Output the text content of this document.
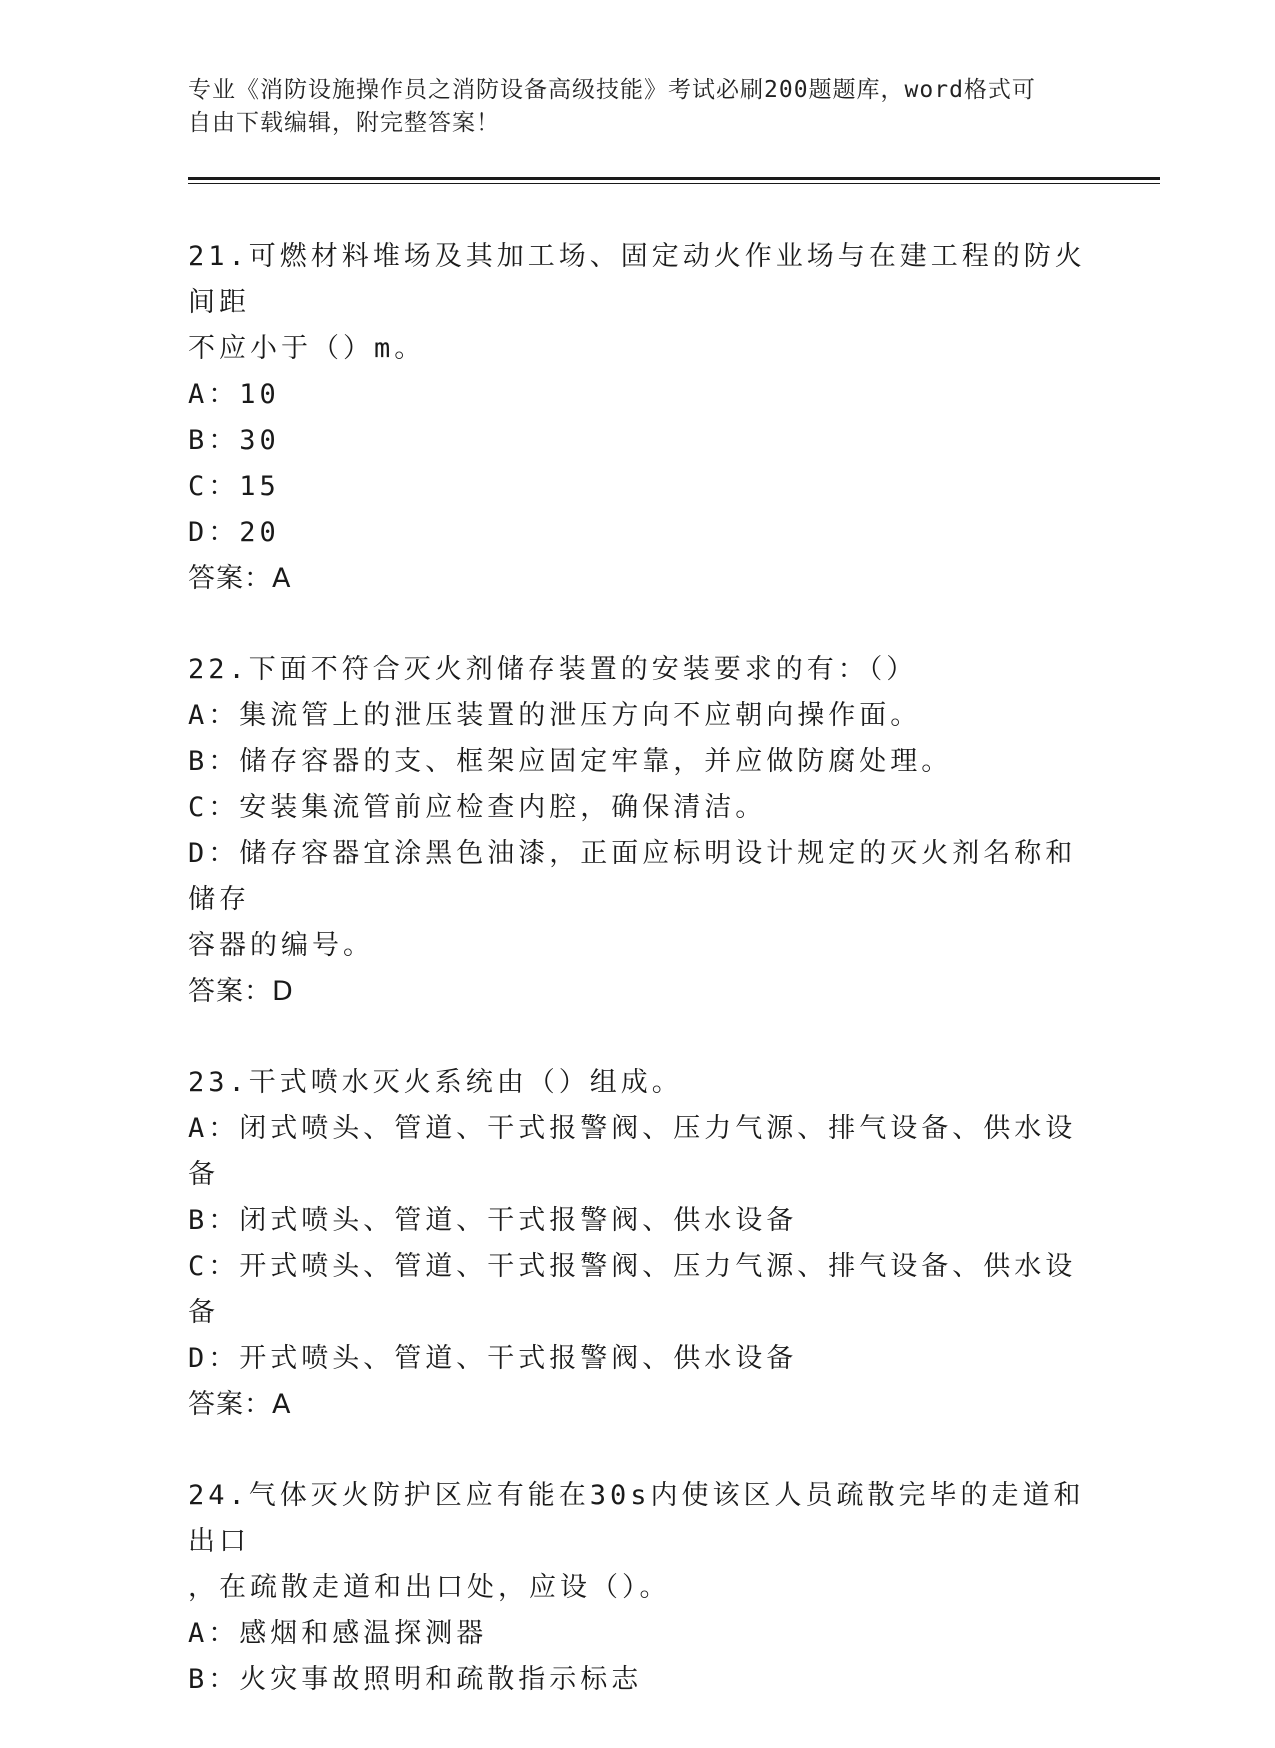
专业《消防设施操作员之消防设备高级技能》考试必刷200题题库，word格式可
自由下载编辑，附完整答案！
21.可燃材料堆场及其加工场、固定动火作业场与在建工程的防火间距
不应小于（）m。
A：10
B：30
C：15
D：20
答案：A
22.下面不符合灭火剂储存装置的安装要求的有：（）
A：集流管上的泄压装置的泄压方向不应朝向操作面。
B：储存容器的支、框架应固定牢靠，并应做防腐处理。
C：安装集流管前应检查内腔，确保清洁。
D：储存容器宜涂黑色油漆，正面应标明设计规定的灭火剂名称和储存
容器的编号。
答案：D
23.干式喷水灭火系统由（）组成。
A：闭式喷头、管道、干式报警阀、压力气源、排气设备、供水设备
B：闭式喷头、管道、干式报警阀、供水设备
C：开式喷头、管道、干式报警阀、压力气源、排气设备、供水设备
D：开式喷头、管道、干式报警阀、供水设备
答案：A
24.气体灭火防护区应有能在30s内使该区人员疏散完毕的走道和出口
，在疏散走道和出口处，应设（）。
A：感烟和感温探测器
B：火灾事故照明和疏散指示标志
